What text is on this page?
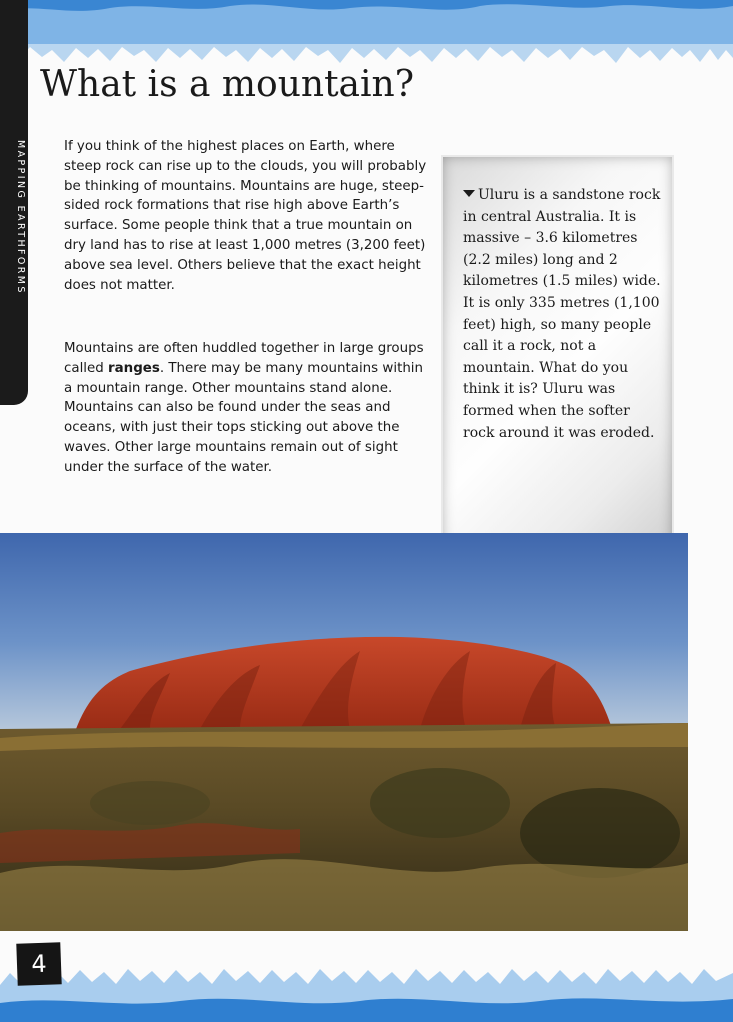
MAPPING EARTHFORMS
What is a mountain?

If you think of the highest places on Earth, where steep rock can rise up to the clouds, you will probably be thinking of mountains. Mountains are huge, steep-sided rock formations that rise high above Earth’s surface. Some people think that a true mountain on dry land has to rise at least 1,000 metres (3,200 feet) above sea level. Others believe that the exact height does not matter.

Mountains are often huddled together in large groups called ranges. There may be many mountains within a mountain range. Other mountains stand alone. Mountains can also be found under the seas and oceans, with just their tops sticking out above the waves. Other large mountains remain out of sight under the surface of the water.

Uluru is a sandstone rock in central Australia. It is massive – 3.6 kilometres (2.2 miles) long and 2 kilometres (1.5 miles) wide. It is only 335 metres (1,100 feet) high, so many people call it a rock, not a mountain. What do you think it is? Uluru was formed when the softer rock around it was eroded.

4
